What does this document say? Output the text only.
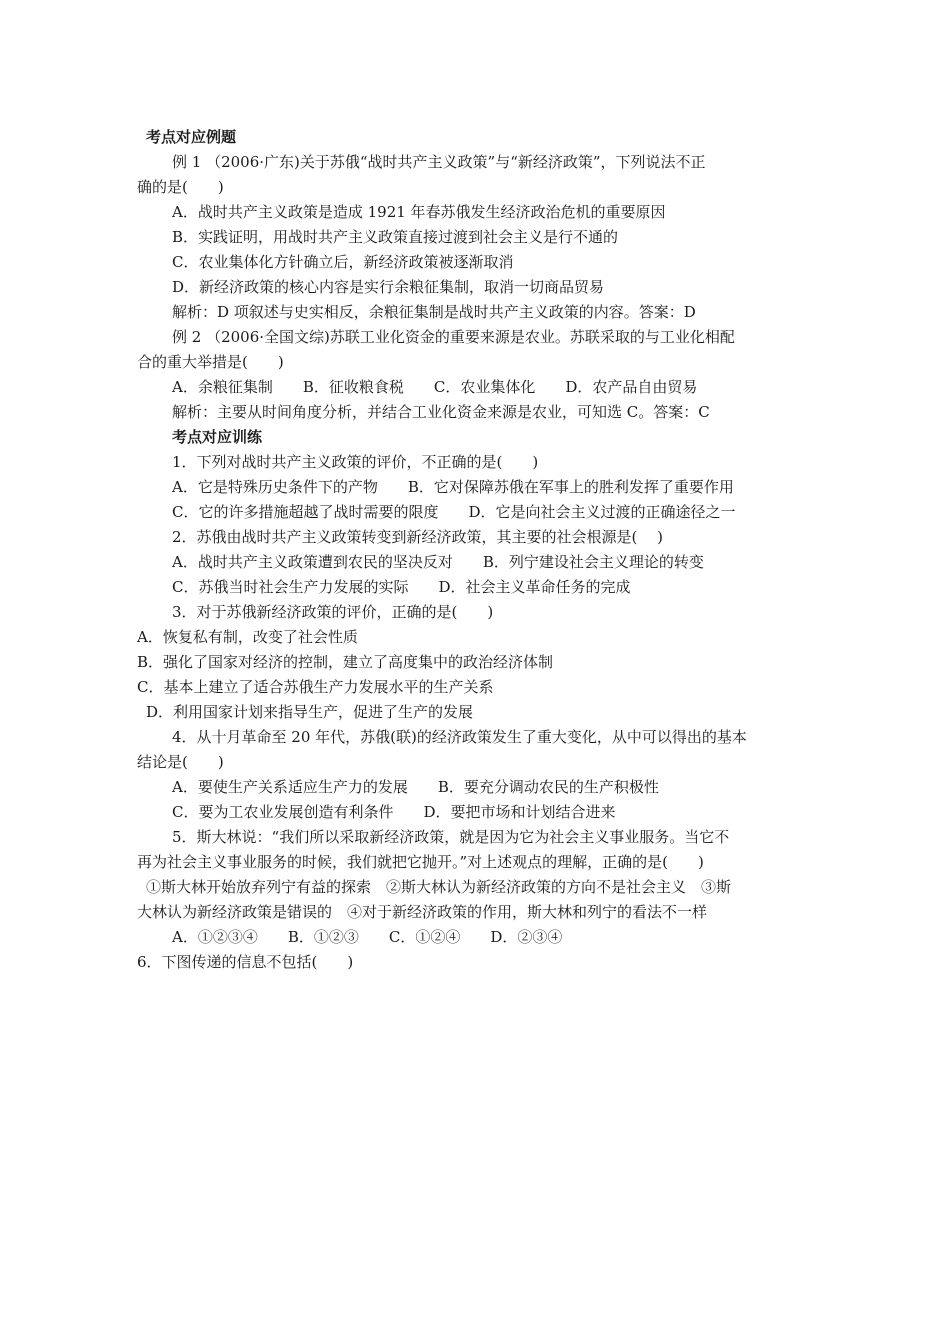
考点对应例题
例 1 （2006·广东)关于苏俄“战时共产主义政策”与“新经济政策”，下列说法不正
确的是(　　)
A．战时共产主义政策是造成 1921 年春苏俄发生经济政治危机的重要原因
B．实践证明，用战时共产主义政策直接过渡到社会主义是行不通的
C．农业集体化方针确立后，新经济政策被逐渐取消
D．新经济政策的核心内容是实行余粮征集制，取消一切商品贸易
解析：D 项叙述与史实相反，余粮征集制是战时共产主义政策的内容。答案：D
例 2 （2006·全国文综)苏联工业化资金的重要来源是农业。苏联采取的与工业化相配
合的重大举措是(　　)
A．余粮征集制 B．征收粮食税 C．农业集体化 D．农产品自由贸易
解析：主要从时间角度分析，并结合工业化资金来源是农业，可知选 C。答案：C
考点对应训练
1．下列对战时共产主义政策的评价，不正确的是(　　)
A．它是特殊历史条件下的产物 B．它对保障苏俄在军事上的胜利发挥了重要作用
C．它的许多措施超越了战时需要的限度 D．它是向社会主义过渡的正确途径之一
2．苏俄由战时共产主义政策转变到新经济政策，其主要的社会根源是( 　)
A．战时共产主义政策遭到农民的坚决反对 B．列宁建设社会主义理论的转变
C．苏俄当时社会生产力发展的实际 D．社会主义革命任务的完成
3．对于苏俄新经济政策的评价，正确的是(　　)
A．恢复私有制，改变了社会性质
B．强化了国家对经济的控制，建立了高度集中的政治经济体制
C．基本上建立了适合苏俄生产力发展水平的生产关系
D．利用国家计划来指导生产，促进了生产的发展
4．从十月革命至 20 年代，苏俄(联)的经济政策发生了重大变化，从中可以得出的基本
结论是(　　)
A．要使生产关系适应生产力的发展 B．要充分调动农民的生产积极性
C．要为工农业发展创造有利条件 D．要把市场和计划结合进来
5．斯大林说：“我们所以采取新经济政策，就是因为它为社会主义事业服务。当它不
再为社会主义事业服务的时候，我们就把它抛开。”对上述观点的理解，正确的是(　　)
①斯大林开始放弃列宁有益的探索　②斯大林认为新经济政策的方向不是社会主义　③斯
大林认为新经济政策是错误的　④对于新经济政策的作用，斯大林和列宁的看法不一样
A．①②③④ B．①②③ C．①②④ D．②③④
6．下图传递的信息不包括(　　)
